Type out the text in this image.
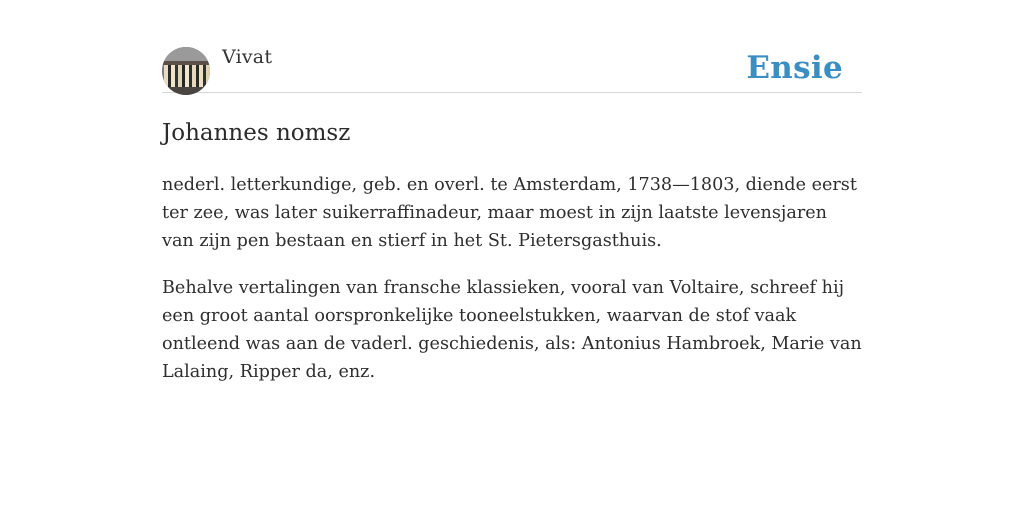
Vivat	Ensie
Johannes nomsz

nederl. letterkundige, geb. en overl. te Amsterdam, 1738—1803, diende eerst ter zee, was later suikerraffinadeur, maar moest in zijn laatste levensjaren van zijn pen bestaan en stierf in het St. Pietersgasthuis.

Behalve vertalingen van fransche klassieken, vooral van Voltaire, schreef hij een groot aantal oorspronkelijke tooneelstukken, waarvan de stof vaak ontleend was aan de vaderl. geschiedenis, als: Antonius Hambroek, Marie van Lalaing, Ripper da, enz.
